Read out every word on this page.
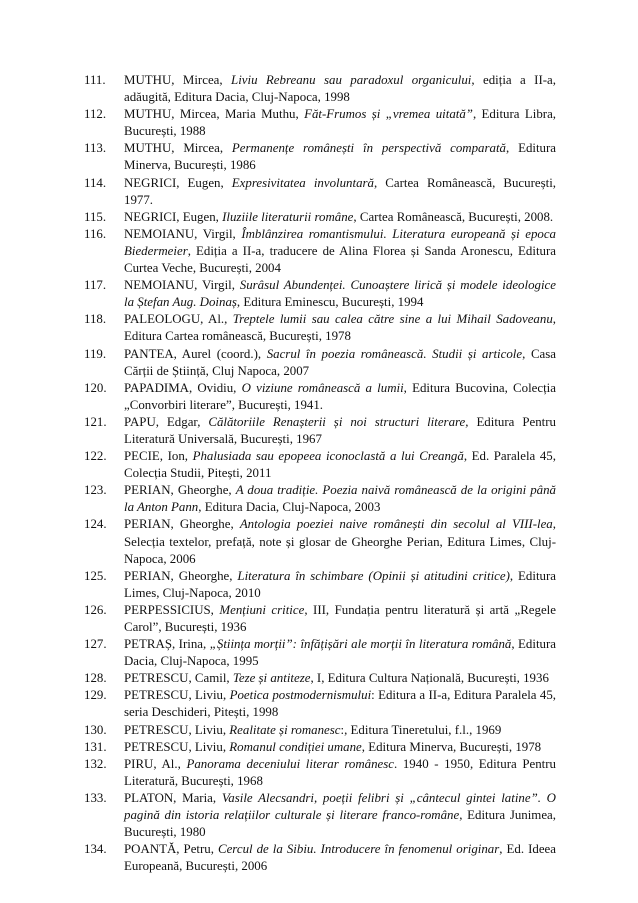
111. MUTHU, Mircea, Liviu Rebreanu sau paradoxul organicului, ediția a II-a, adăugită, Editura Dacia, Cluj-Napoca, 1998
112. MUTHU, Mircea, Maria Muthu, Făt-Frumos și „vremea uitată”, Editura Libra, București, 1988
113. MUTHU, Mircea, Permanențe românești în perspectivă comparată, Editura Minerva, București, 1986
114. NEGRICI, Eugen, Expresivitatea involuntară, Cartea Românească, București, 1977.
115. NEGRICI, Eugen, Iluziile literaturii române, Cartea Românească, București, 2008.
116. NEMOIANU, Virgil, Îmblânzirea romantismului. Literatura europeană și epoca Biedermeier, Ediția a II-a, traducere de Alina Florea și Sanda Aronescu, Editura Curtea Veche, București, 2004
117. NEMOIANU, Virgil, Surâsul Abundenței. Cunoaștere lirică și modele ideologice la Ștefan Aug. Doinaș, Editura Eminescu, București, 1994
118. PALEOLOGU, Al., Treptele lumii sau calea către sine a lui Mihail Sadoveanu, Editura Cartea românească, București, 1978
119. PANTEA, Aurel (coord.), Sacrul în poezia românească. Studii și articole, Casa Cărții de Știință, Cluj Napoca, 2007
120. PAPADIMA, Ovidiu, O viziune românească a lumii, Editura Bucovina, Colecția „Convorbiri literare”, București, 1941.
121. PAPU, Edgar, Călătoriile Renașterii și noi structuri literare, Editura Pentru Literatură Universală, București, 1967
122. PECIE, Ion, Phalusiada sau epopeea iconoclastă a lui Creangă, Ed. Paralela 45, Colecția Studii, Pitești, 2011
123. PERIAN, Gheorghe, A doua tradiție. Poezia naivă românească de la origini până la Anton Pann, Editura Dacia, Cluj-Napoca, 2003
124. PERIAN, Gheorghe, Antologia poeziei naive românești din secolul al VIII-lea, Selecția textelor, prefață, note și glosar de Gheorghe Perian, Editura Limes, Cluj-Napoca, 2006
125. PERIAN, Gheorghe, Literatura în schimbare (Opinii și atitudini critice), Editura Limes, Cluj-Napoca, 2010
126. PERPESSICIUS, Mențiuni critice, III, Fundația pentru literatură și artă „Regele Carol”, București, 1936
127. PETRAȘ, Irina, „Știința morții”: înfățișări ale morții în literatura română, Editura Dacia, Cluj-Napoca, 1995
128. PETRESCU, Camil, Teze și antiteze, I, Editura Cultura Națională, București, 1936
129. PETRESCU, Liviu, Poetica postmodernismului: Editura a II-a, Editura Paralela 45, seria Deschideri, Pitești, 1998
130. PETRESCU, Liviu, Realitate și romanesc:, Editura Tineretului, f.l., 1969
131. PETRESCU, Liviu, Romanul condiției umane, Editura Minerva, București, 1978
132. PIRU, Al., Panorama deceniului literar românesc. 1940 - 1950, Editura Pentru Literatură, București, 1968
133. PLATON, Maria, Vasile Alecsandri, poeții felibri și „cântecul gintei latine”. O pagină din istoria relațiilor culturale și literare franco-române, Editura Junimea, București, 1980
134. POANTĂ, Petru, Cercul de la Sibiu. Introducere în fenomenul originar, Ed. Ideea Europeană, București, 2006
